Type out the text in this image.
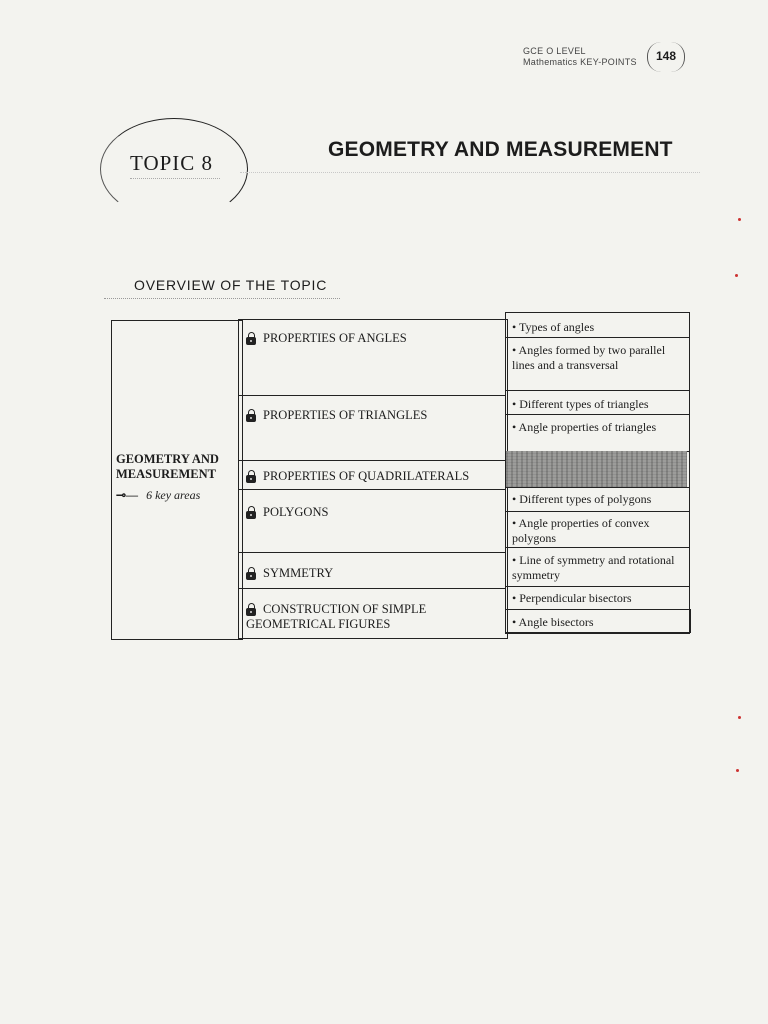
GCE O LEVEL
Mathematics KEY-POINTS	148
TOPIC 8
GEOMETRY AND MEASUREMENT
OVERVIEW OF THE TOPIC
GEOMETRY AND
MEASUREMENT
⊸— 6 key areas
PROPERTIES OF ANGLES
PROPERTIES OF TRIANGLES
PROPERTIES OF QUADRILATERALS
POLYGONS
SYMMETRY
CONSTRUCTION OF SIMPLE
GEOMETRICAL FIGURES
• Types of angles
• Angles formed by two parallel lines and a transversal
• Different types of triangles
• Angle properties of triangles
• Different types of polygons
• Angle properties of convex polygons
• Line of symmetry and rotational symmetry
• Perpendicular bisectors
• Angle bisectors
